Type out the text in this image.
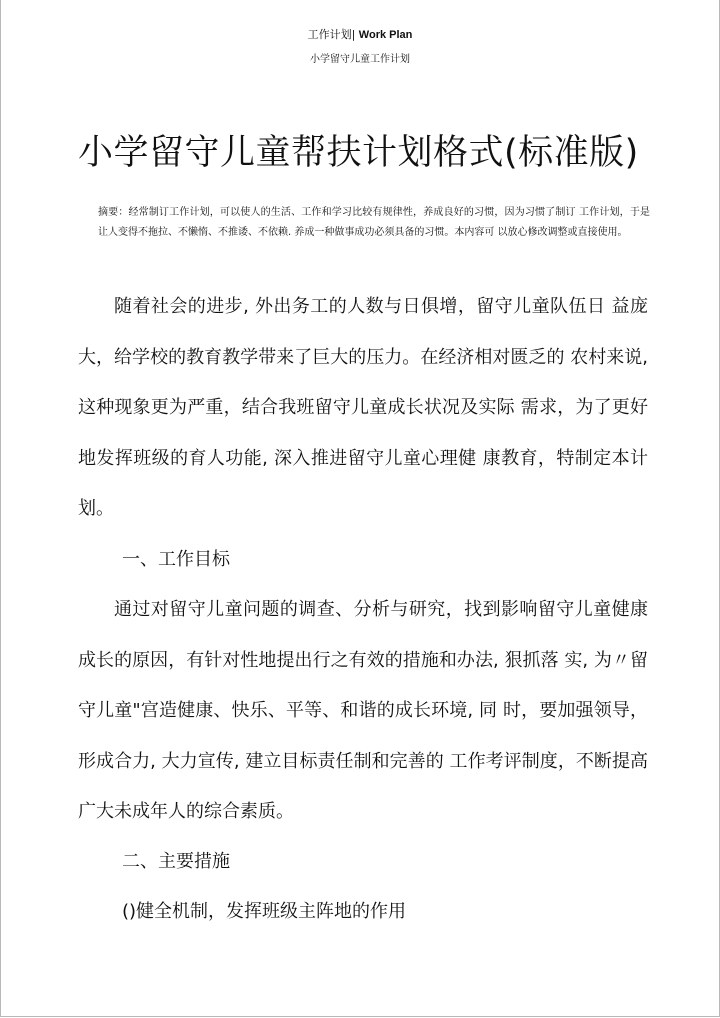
工作计划| Work Plan
小学留守儿童工作计划
小学留守儿童帮扶计划格式(标准版)
摘要：经常制订工作计划，可以使人的生活、工作和学习比较有规律性，养成良好的习惯，因为习惯了制订 工作计划，于是让人变得不拖拉、不懒惰、不推诿、不依赖. 养成一种做事成功必须具备的习惯。本内容可 以放心修改调整或直接使用。
随着社会的进步, 外出务工的人数与日俱增，留守儿童队伍日 益庞大，给学校的教育教学带来了巨大的压力。在经济相对匮乏的 农村来说, 这种现象更为严重，结合我班留守儿童成长状况及实际 需求，为了更好地发挥班级的育人功能, 深入推进留守儿童心理健 康教育，特制定本计划。
一、工作目标
通过对留守儿童问题的调查、分析与研究，找到影响留守儿童健康成长的原因，有针对性地提出行之有效的措施和办法, 狠抓落 实, 为〃留守儿童"宫造健康、快乐、平等、和谐的成长环境, 同 时，要加强领导，形成合力, 大力宣传, 建立目标责任制和完善的 工作考评制度，不断提高广大未成年人的综合素质。
二、主要措施
()健全机制，发挥班级主阵地的作用
